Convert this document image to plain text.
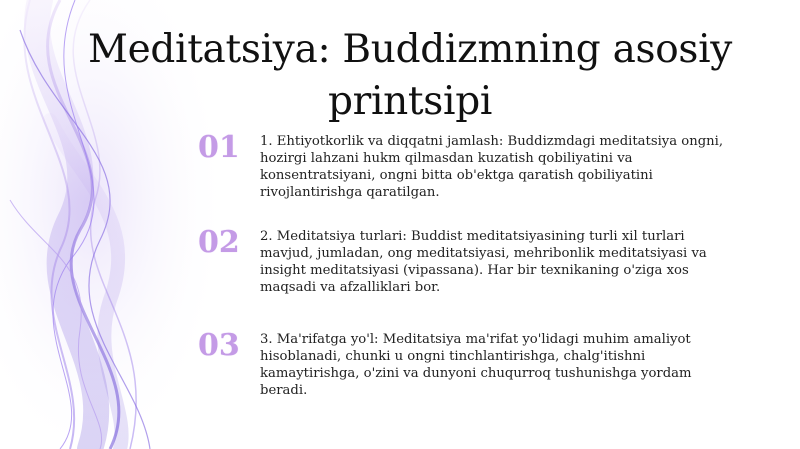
Meditatsiya: Buddizmning asosiy printsipi
01	1. Ehtiyotkorlik va diqqatni jamlash: Buddizmdagi meditatsiya ongni, hozirgi lahzani hukm qilmasdan kuzatish qobiliyatini va konsentratsiyani, ongni bitta ob'ektga qaratish qobiliyatini rivojlantirishga qaratilgan.

02	2. Meditatsiya turlari: Buddist meditatsiyasining turli xil turlari mavjud, jumladan, ong meditatsiyasi, mehribonlik meditatsiyasi va insight meditatsiyasi (vipassana). Har bir texnikaning o'ziga xos maqsadi va afzalliklari bor.

03	3. Ma'rifatga yo'l: Meditatsiya ma'rifat yo'lidagi muhim amaliyot hisoblanadi, chunki u ongni tinchlantirishga, chalg'itishni kamaytirishga, o'zini va dunyoni chuqurroq tushunishga yordam beradi.
